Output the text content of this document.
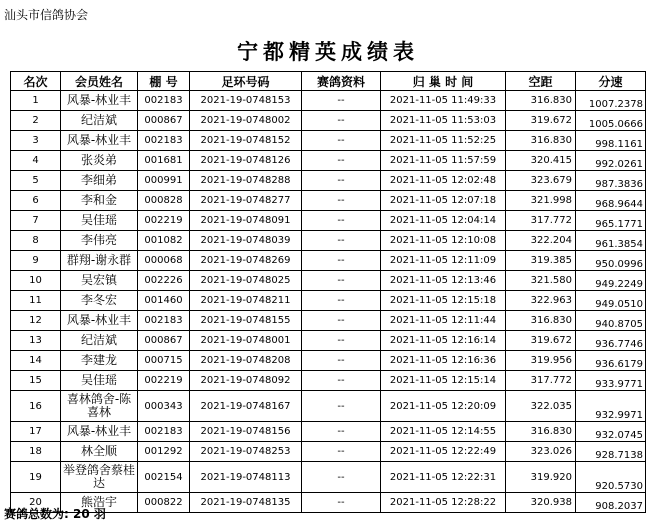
汕头市信鸽协会
宁都精英成绩表
名次	会员姓名	棚 号	足环号码	赛鸽资料	归 巢 时 间	空距	分速
1	风暴-林业丰	002183	2021-19-0748153	--	2021-11-05 11:49:33	316.830	1007.2378
2	纪洁斌	000867	2021-19-0748002	--	2021-11-05 11:53:03	319.672	1005.0666
3	风暴-林业丰	002183	2021-19-0748152	--	2021-11-05 11:52:25	316.830	998.1161
4	张炎弟	001681	2021-19-0748126	--	2021-11-05 11:57:59	320.415	992.0261
5	李细弟	000991	2021-19-0748288	--	2021-11-05 12:02:48	323.679	987.3836
6	李和金	000828	2021-19-0748277	--	2021-11-05 12:07:18	321.998	968.9644
7	吴佳瑶	002219	2021-19-0748091	--	2021-11-05 12:04:14	317.772	965.1771
8	李伟亮	001082	2021-19-0748039	--	2021-11-05 12:10:08	322.204	961.3854
9	群翔-谢永群	000068	2021-19-0748269	--	2021-11-05 12:11:09	319.385	950.0996
10	吴宏镇	002226	2021-19-0748025	--	2021-11-05 12:13:46	321.580	949.2249
11	李冬宏	001460	2021-19-0748211	--	2021-11-05 12:15:18	322.963	949.0510
12	风暴-林业丰	002183	2021-19-0748155	--	2021-11-05 12:11:44	316.830	940.8705
13	纪洁斌	000867	2021-19-0748001	--	2021-11-05 12:16:14	319.672	936.7746
14	李建龙	000715	2021-19-0748208	--	2021-11-05 12:16:36	319.956	936.6179
15	吴佳瑶	002219	2021-19-0748092	--	2021-11-05 12:15:14	317.772	933.9771
16	喜林鸽舍-陈喜林	000343	2021-19-0748167	--	2021-11-05 12:20:09	322.035	932.9971
17	风暴-林业丰	002183	2021-19-0748156	--	2021-11-05 12:14:55	316.830	932.0745
18	林全顺	001292	2021-19-0748253	--	2021-11-05 12:22:49	323.026	928.7138
19	举登鸽舍蔡桂达	002154	2021-19-0748113	--	2021-11-05 12:22:31	319.920	920.5730
20	熊浩宇	000822	2021-19-0748135	--	2021-11-05 12:28:22	320.938	908.2037
赛鸽总数为: 20 羽
